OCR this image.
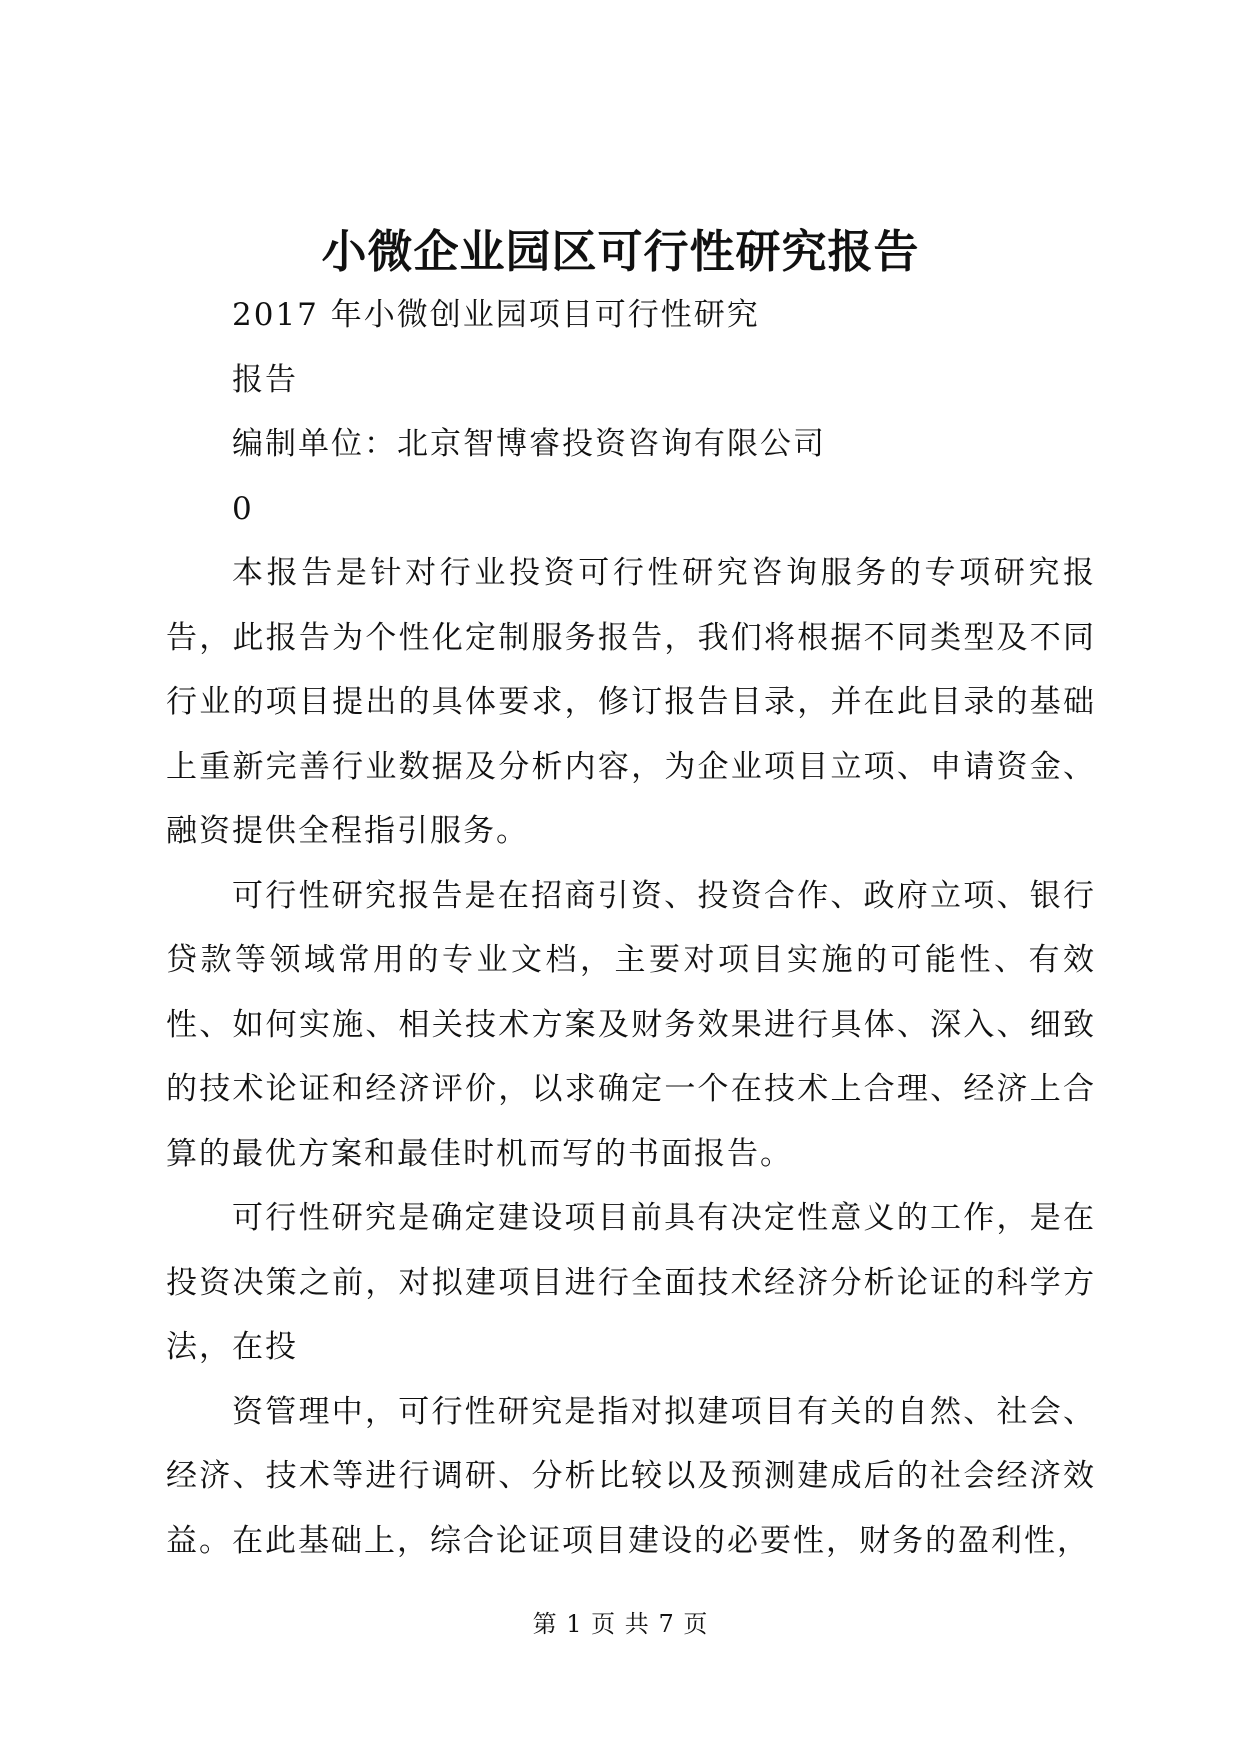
小微企业园区可行性研究报告

2017 年小微创业园项目可行性研究

报告

编制单位：北京智博睿投资咨询有限公司

0

本报告是针对行业投资可行性研究咨询服务的专项研究报告，此报告为个性化定制服务报告，我们将根据不同类型及不同行业的项目提出的具体要求，修订报告目录，并在此目录的基础上重新完善行业数据及分析内容，为企业项目立项、申请资金、融资提供全程指引服务。

可行性研究报告是在招商引资、投资合作、政府立项、银行贷款等领域常用的专业文档，主要对项目实施的可能性、有效性、如何实施、相关技术方案及财务效果进行具体、深入、细致的技术论证和经济评价，以求确定一个在技术上合理、经济上合算的最优方案和最佳时机而写的书面报告。

可行性研究是确定建设项目前具有决定性意义的工作，是在投资决策之前，对拟建项目进行全面技术经济分析论证的科学方法，在投

资管理中，可行性研究是指对拟建项目有关的自然、社会、经济、技术等进行调研、分析比较以及预测建成后的社会经济效益。在此基础上，综合论证项目建设的必要性，财务的盈利性，

第 1 页 共 7 页
